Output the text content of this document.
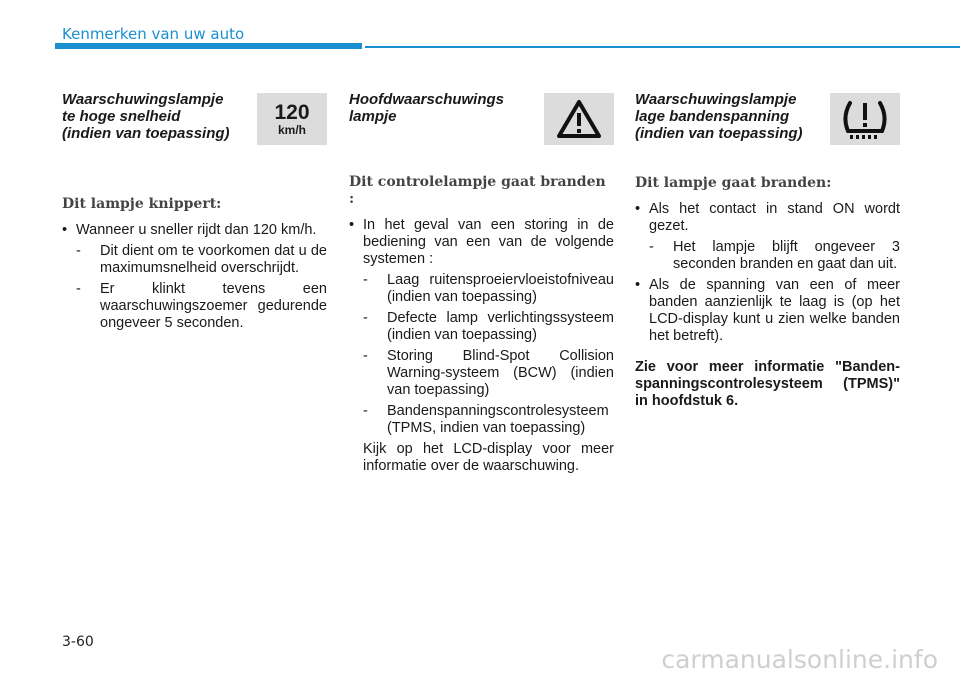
Kenmerken van uw auto
Waarschuwingslampje
te hoge snelheid
(indien van toepassing)
120
km/h
Dit lampje knippert:
• Wanneer u sneller rijdt dan 120 km/h.
- Dit dient om te voorkomen dat u de maximumsnelheid overschrijdt.
- Er klinkt tevens een waarschuwingszoemer gedurende ongeveer 5 seconden.
Hoofdwaarschuwings
lampje
Dit controlelampje gaat branden :
• In het geval van een storing in de bediening van een van de volgende systemen :
- Laag ruitensproeiervloeistofniveau (indien van toepassing)
- Defecte lamp verlichtingssysteem (indien van toepassing)
- Storing Blind-Spot Collision Warning-systeem (BCW) (indien van toepassing)
- Bandenspanningscontrolesysteem (TPMS, indien van toepassing)
Kijk op het LCD-display voor meer informatie over de waarschuwing.
Waarschuwingslampje
lage bandenspanning
(indien van toepassing)
Dit lampje gaat branden:
• Als het contact in stand ON wordt gezet.
- Het lampje blijft ongeveer 3 seconden branden en gaat dan uit.
• Als de spanning van een of meer banden aanzienlijk te laag is (op het LCD-display kunt u zien welke banden het betreft).
Zie voor meer informatie "Banden-spanningscontrolesysteem (TPMS)" in hoofdstuk 6.
3-60
carmanualsonline.info
